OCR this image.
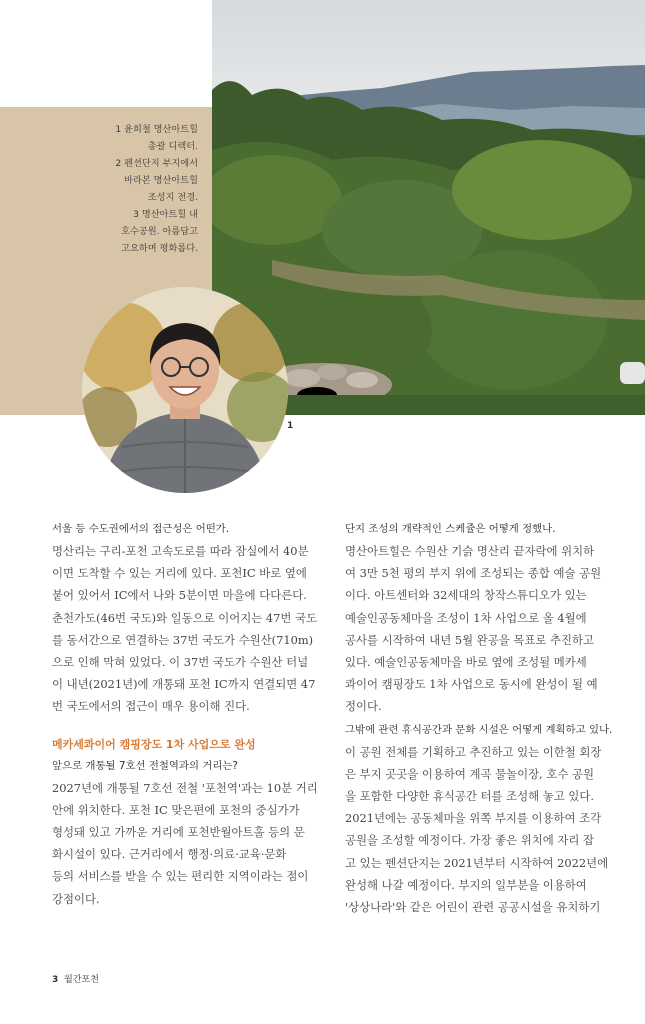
1 윤희철 명산아트힐
총괄 디렉터.
2 펜션단지 부지에서
바라본 명산아트힐
조성지 전경.
3 명산아트힐 내
호수공원. 아름답고
고요하며 평화롭다.
1
서울 등 수도권에서의 접근성은 어떤가.
명산리는 구리-포천 고속도로를 따라 잠실에서 40분
이면 도착할 수 있는 거리에 있다. 포천IC 바로 옆에
붙어 있어서 IC에서 나와 5분이면 마을에 다다른다.
춘천가도(46번 국도)와 일동으로 이어지는 47번 국도
를 동서간으로 연결하는 37번 국도가 수원산(710m)
으로 인해 막혀 있었다. 이 37번 국도가 수원산 터널
이 내년(2021년)에 개통돼 포천 IC까지 연결되면 47
번 국도에서의 접근이 매우 용이해 진다.
메카세콰이어 캠핑장도 1차 사업으로 완성
앞으로 개통될 7호선 전철역과의 거리는?
2027년에 개통될 7호선 전철 '포천역'과는 10분 거리
안에 위치한다. 포천 IC 맞은편에 포천의 중심가가
형성돼 있고 가까운 거리에 포천반월아트홀 등의 문
화시설이 있다. 근거리에서 행정·의료·교육·문화
등의 서비스를 받을 수 있는 편리한 지역이라는 점이
강점이다.
단지 조성의 개략적인 스케쥴은 어떻게 정했나.
명산아트힐은 수원산 기슭 명산리 끝자락에 위치하
여 3만 5천 평의 부지 위에 조성되는 종합 예술 공원
이다. 아트센터와 32세대의 창작스튜디오가 있는
예술인공동체마을 조성이 1차 사업으로 올 4월에
공사를 시작하여 내년 5월 완공을 목표로 추진하고
있다. 예술인공동체마을 바로 옆에 조성될 메카세
콰이어 캠핑장도 1차 사업으로 동시에 완성이 될 예
정이다.
그밖에 관련 휴식공간과 문화 시설은 어떻게 계획하고 있나.
이 공원 전체를 기획하고 추진하고 있는 이한철 회장
은 부지 곳곳을 이용하여 계곡 물놀이장, 호수 공원
을 포함한 다양한 휴식공간 터를 조성해 놓고 있다.
2021년에는 공동체마을 위쪽 부지를 이용하여 조각
공원을 조성할 예정이다. 가장 좋은 위치에 자리 잡
고 있는 펜션단지는 2021년부터 시작하여 2022년에
완성해 나갈 예정이다. 부지의 일부분을 이용하여
'상상나라'와 같은 어린이 관련 공공시설을 유치하기
3 월간포천
